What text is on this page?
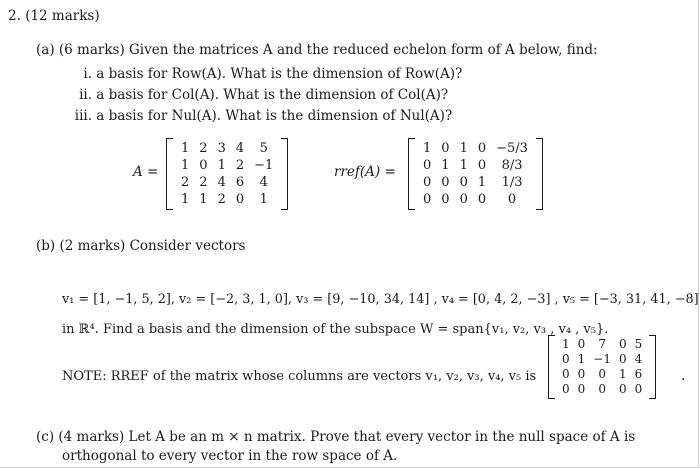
2. (12 marks)
(a) (6 marks) Given the matrices A and the reduced echelon form of A below, find:
i. a basis for Row(A). What is the dimension of Row(A)?
ii. a basis for Col(A). What is the dimension of Col(A)?
iii. a basis for Nul(A). What is the dimension of Nul(A)?
A =
1	2	3	4	5
1	0	1	2	−1
2	2	4	6	4
1	1	2	0	1
rref(A) =
1	0	1	0	−5/3
0	1	1	0	8/3
0	0	0	1	1/3
0	0	0	0	0
(b) (2 marks) Consider vectors
v₁ = [1, −1, 5, 2], v₂ = [−2, 3, 1, 0], v₃ = [9, −10, 34, 14] , v₄ = [0, 4, 2, −3] , v₅ = [−3, 31, 41, −8]
in ℝ⁴. Find a basis and the dimension of the subspace W = span{v₁, v₂, v₃ , v₄ , v₅}.
NOTE: RREF of the matrix whose columns are vectors v₁, v₂, v₃, v₄, v₅ is
1	0	7	0	5
0	1	−1	0	4
0	0	0	1	6
0	0	0	0	0
.
(c) (4 marks) Let A be an m × n matrix. Prove that every vector in the null space of A is
orthogonal to every vector in the row space of A.
